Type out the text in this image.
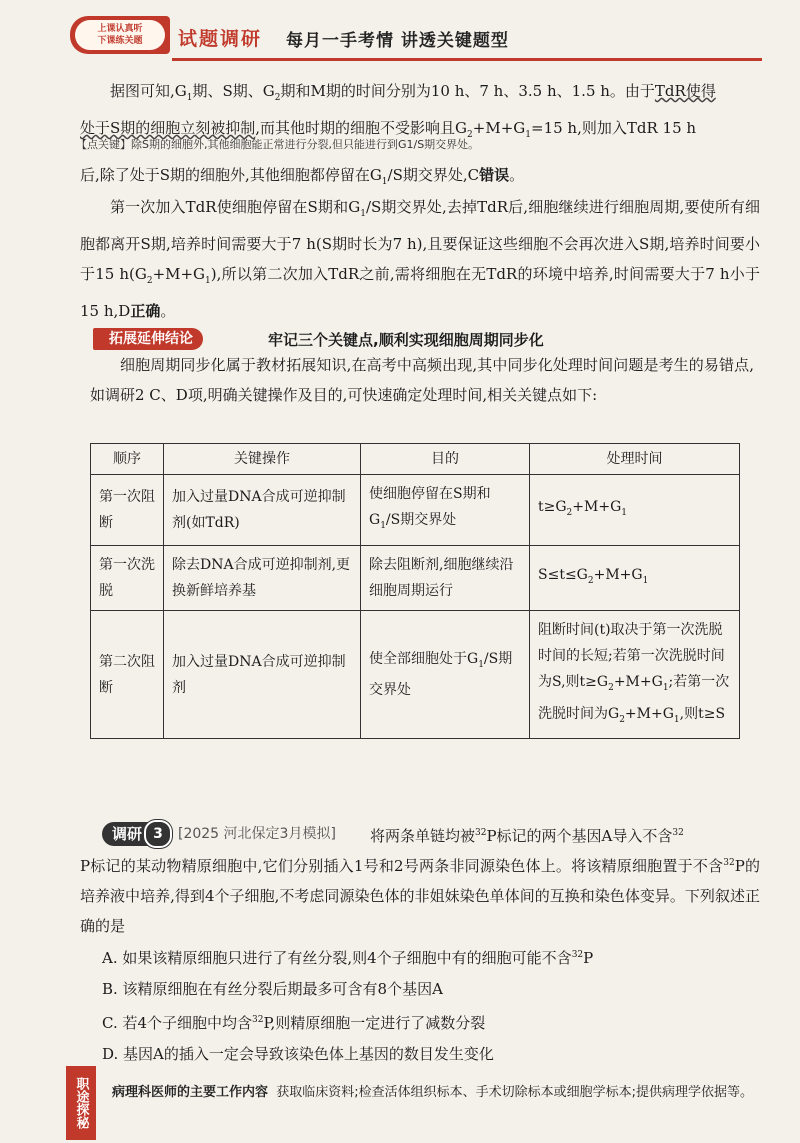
上课认真听
下课练关题	试题调研 每月一手考情 讲透关键题型

据图可知$,G_1$期、S期、$G_2$期和M期的时间分别为10 h、7 h、3.5 h、1.5 h。由于TdR使得
处于S期的细胞立刻被抑制,而其他时期的细胞不受影响且$G_2+M+G_1=15$ h,则加入TdR 15 h

【点关键】除S期的细胞外,其他细胞能正常进行分裂,但只能进行到G1/S期交界处。

后,除了处于S期的细胞外,其他细胞都停留在$G_1/S$期交界处,C错误。

第一次加入TdR使细胞停留在S期和$G_1/S$期交界处,去掉TdR后,细胞继续进行细胞周期,要使所有细胞都离开S期,培养时间需要大于7 h(S期时长为7 h),且要保证这些细胞不会再次进入S期,培养时间要小于15 $h(G_2+M+G_1)$,所以第二次加入TdR之前,需将细胞在无TdR的环境中培养,时间需要大于7 h小于15 h,D正确。

拓展延伸结论	牢记三个关键点,顺利实现细胞周期同步化

细胞周期同步化属于教材拓展知识,在高考中高频出现,其中同步化处理时间问题是考生的易错点,如调研2 C、D项,明确关键操作及目的,可快速确定处理时间,相关关键点如下:

顺序	关键操作	目的	处理时间
第一次阻断	加入过量DNA合成可逆抑制剂(如TdR)	使细胞停留在S期和$G_1/S$期交界处	$t\ge G_2+M+G_1$
第一次洗脱	除去DNA合成可逆抑制剂,更换新鲜培养基	除去阻断剂,细胞继续沿细胞周期运行	$S\le t\le G_2+M+G_1$
第二次阻断	加入过量DNA合成可逆抑制剂	使全部细胞处于$G_1/S$期交界处	阻断时间(t)取决于第一次洗脱时间的长短;若第一次洗脱时间为S,则$t\ge G_2+M+G_1$;若第一次洗脱时间为$G_2+M+G_1$,则t≥S
调研 3	[2025 河北保定3月模拟] 将两条单链均被$^{32}$P标记的两个基因A导入不含$^{32}$

P标记的某动物精原细胞中,它们分别插入1号和2号两条非同源染色体上。将该精原细胞置于不含$^{32}$P的培养液中培养,得到4个子细胞,不考虑同源染色体的非姐妹染色单体间的互换和染色体变异。下列叙述正确的是

A. 如果该精原细胞只进行了有丝分裂,则4个子细胞中有的细胞可能不含$^{32}$P
B. 该精原细胞在有丝分裂后期最多可含有8个基因A
C. 若4个子细胞中均含$^{32}$P,则精原细胞一定进行了减数分裂
D. 基因A的插入一定会导致该染色体上基因的数目发生变化
职途探秘	病理科医师的主要工作内容 获取临床资料;检查活体组织标本、手术切除标本或细胞学标本;提供病理学依据等。
